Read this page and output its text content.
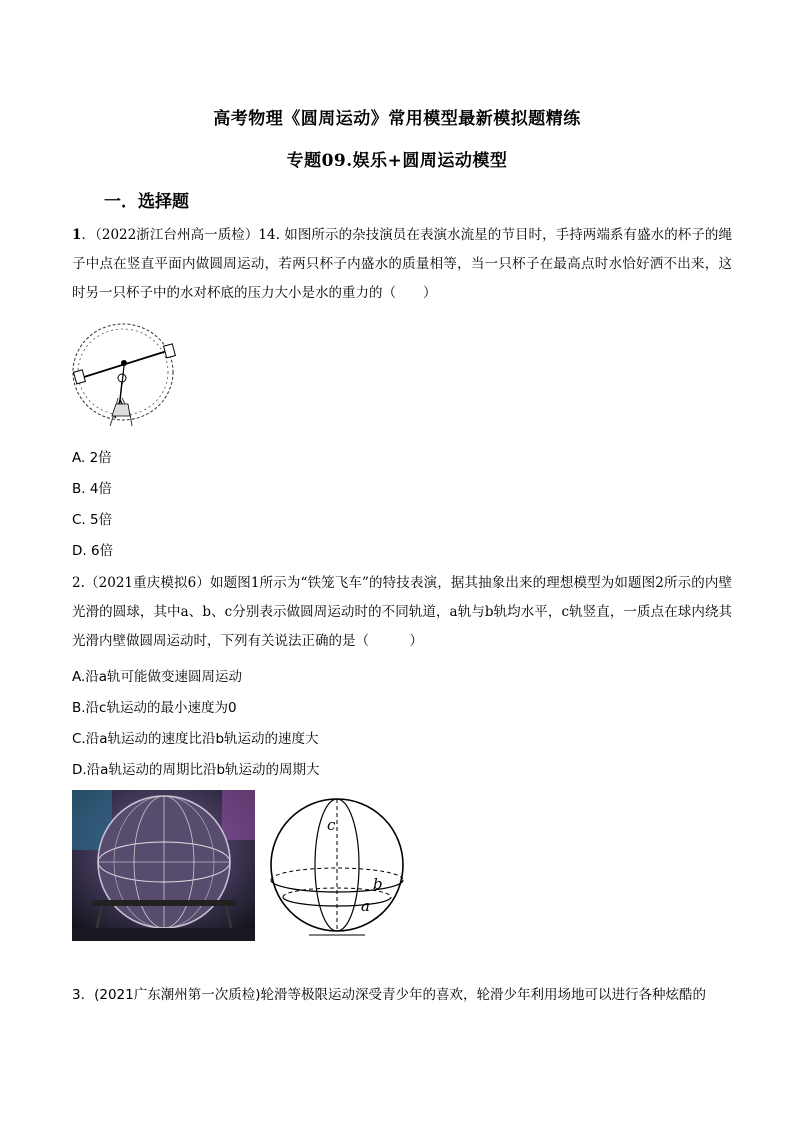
高考物理《圆周运动》常用模型最新模拟题精练
专题09.娱乐+圆周运动模型
一．选择题
1．（2022浙江台州高一质检）14. 如图所示的杂技演员在表演水流星的节目时，手持两端系有盛水的杯子的绳子中点在竖直平面内做圆周运动，若两只杯子内盛水的质量相等，当一只杯子在最高点时水恰好洒不出来，这时另一只杯子中的水对杯底的压力大小是水的重力的（　　）
A. 2倍
B. 4倍
C. 5倍
D. 6倍
2.（2021重庆模拟6）如题图1所示为“铁笼飞车”的特技表演，据其抽象出来的理想模型为如题图2所示的内壁光滑的圆球，其中a、b、c分别表示做圆周运动时的不同轨道，a轨与b轨均水平，c轨竖直，一质点在球内绕其光滑内壁做圆周运动时，下列有关说法正确的是（　　　）
A.沿a轨可能做变速圆周运动
B.沿c轨运动的最小速度为0
C.沿a轨运动的速度比沿b轨运动的速度大
D.沿a轨运动的周期比沿b轨运动的周期大
c
b
a
3．(2021广东潮州第一次质检)轮滑等极限运动深受青少年的喜欢，轮滑少年利用场地可以进行各种炫酷的
